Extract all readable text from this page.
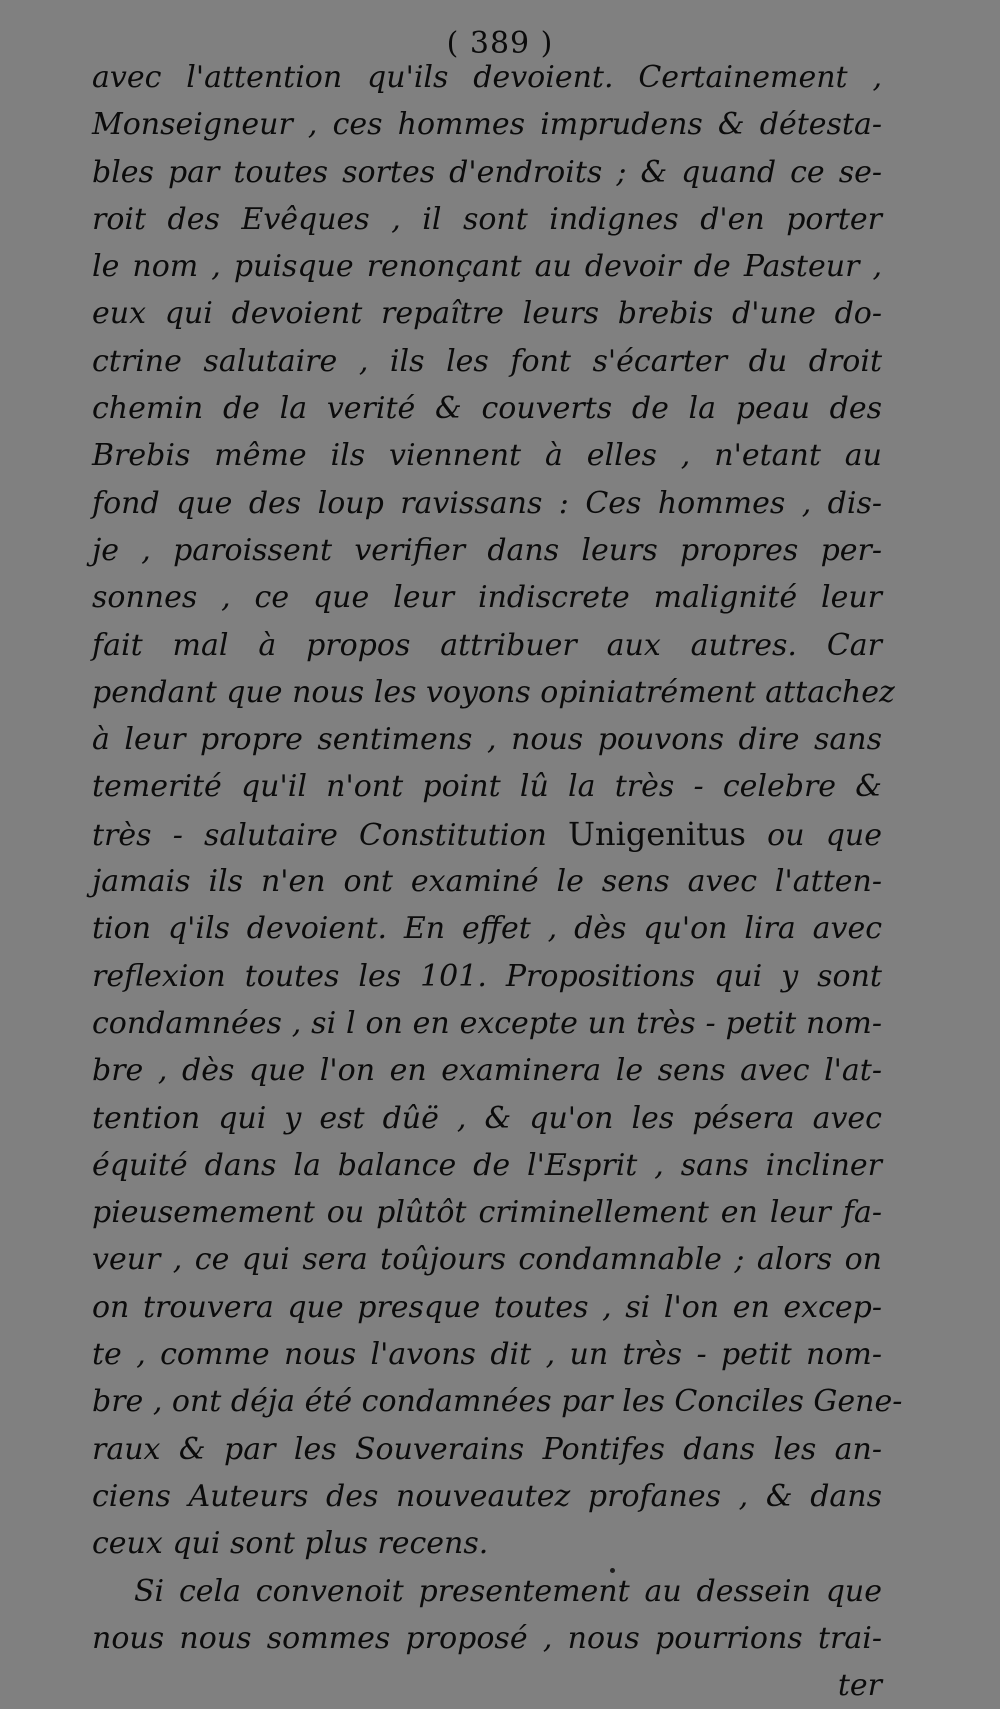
( 389 )
avec l'attention qu'ils devoient. Certainement ,
Monseigneur , ces hommes imprudens & détesta-
bles par toutes sortes d'endroits ; & quand ce se-
roit des Evêques , il sont indignes d'en porter
le nom , puisque renonçant au devoir de Pasteur ,
eux qui devoient repaître leurs brebis d'une do-
ctrine salutaire , ils les font s'écarter du droit
chemin de la verité & couverts de la peau des
Brebis même ils viennent à elles , n'etant au
fond que des loup ravissans : Ces hommes , dis-
je , paroissent verifier dans leurs propres per-
sonnes , ce que leur indiscrete malignité leur
fait mal à propos attribuer aux autres. Car
pendant que nous les voyons opiniatrément attachez
à leur propre sentimens , nous pouvons dire sans
temerité qu'il n'ont point lû la très - celebre &
très - salutaire Constitution Unigenitus ou que
jamais ils n'en ont examiné le sens avec l'atten-
tion q'ils devoient. En effet , dès qu'on lira avec
reflexion toutes les 101. Propositions qui y sont
condamnées , si l on en excepte un très - petit nom-
bre , dès que l'on en examinera le sens avec l'at-
tention qui y est dûë , & qu'on les pésera avec
équité dans la balance de l'Esprit , sans incliner
pieusemement ou plûtôt criminellement en leur fa-
veur , ce qui sera toûjours condamnable ; alors on
on trouvera que presque toutes , si l'on en excep-
te , comme nous l'avons dit , un très - petit nom-
bre , ont déja été condamnées par les Conciles Gene-
raux & par les Souverains Pontifes dans les an-
ciens Auteurs des nouveautez profanes , & dans
ceux qui sont plus recens.
Si cela convenoit presentement au dessein que
nous nous sommes proposé , nous pourrions trai-
ter
